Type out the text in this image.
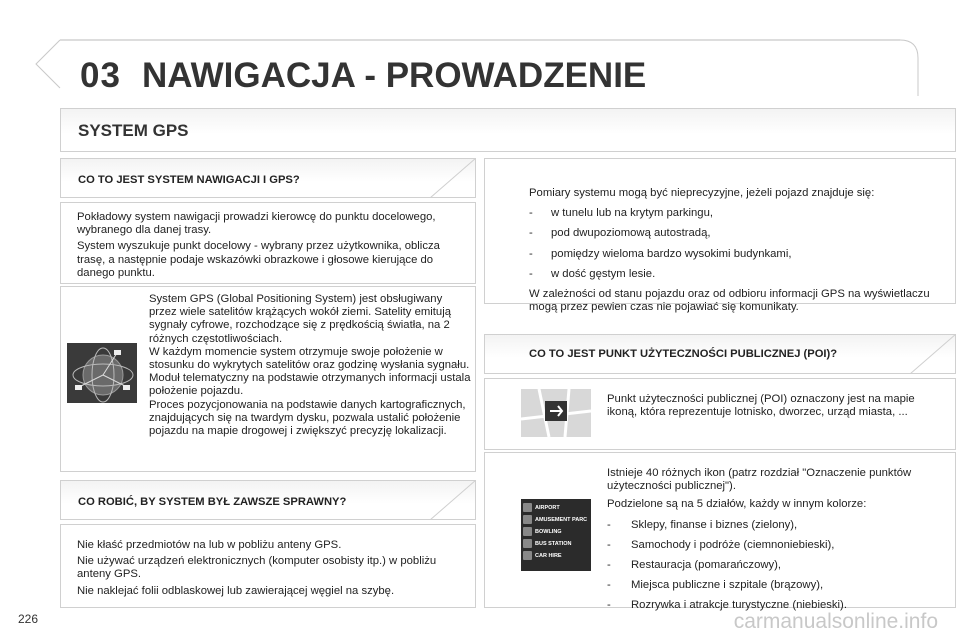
03 NAWIGACJA - PROWADZENIE
SYSTEM GPS
CO TO JEST SYSTEM NAWIGACJI I GPS?

Pokładowy system nawigacji prowadzi kierowcę do punktu docelowego, wybranego dla danej trasy.

System wyszukuje punkt docelowy - wybrany przez użytkownika, oblicza trasę, a następnie podaje wskazówki obrazkowe i głosowe kierujące do danego punktu.

System GPS (Global Positioning System) jest obsługiwany przez wiele satelitów krążących wokół ziemi. Satelity emitują sygnały cyfrowe, rozchodzące się z prędkością światła, na 2 różnych częstotliwościach.

W każdym momencie system otrzymuje swoje położenie w stosunku do wykrytych satelitów oraz godzinę wysłania sygnału.

Moduł telematyczny na podstawie otrzymanych informacji ustala położenie pojazdu.

Proces pozycjonowania na podstawie danych kartograficznych, znajdujących się na twardym dysku, pozwala ustalić położenie pojazdu na mapie drogowej i zwiększyć precyzję lokalizacji.

CO ROBIĆ, BY SYSTEM BYŁ ZAWSZE SPRAWNY?

Nie kłaść przedmiotów na lub w pobliżu anteny GPS.

Nie używać urządzeń elektronicznych (komputer osobisty itp.) w pobliżu anteny GPS.

Nie naklejać folii odblaskowej lub zawierającej węgiel na szybę.

Pomiary systemu mogą być nieprecyzyjne, jeżeli pojazd znajduje się:

- w tunelu lub na krytym parkingu,
- pod dwupoziomową autostradą,
- pomiędzy wieloma bardzo wysokimi budynkami,
- w dość gęstym lesie.

W zależności od stanu pojazdu oraz od odbioru informacji GPS na wyświetlaczu mogą przez pewien czas nie pojawiać się komunikaty.

CO TO JEST PUNKT UŻYTECZNOŚCI PUBLICZNEJ (POI)?

Punkt użyteczności publicznej (POI) oznaczony jest na mapie ikoną, która reprezentuje lotnisko, dworzec, urząd miasta, ...

AIRPORT
AMUSEMENT PARC
BOWLING
BUS STATION
CAR HIRE

Istnieje 40 różnych ikon (patrz rozdział "Oznaczenie punktów użyteczności publicznej").

Podzielone są na 5 działów, każdy w innym kolorze:

- Sklepy, finanse i biznes (zielony),
- Samochody i podróże (ciemnoniebieski),
- Restauracja (pomarańczowy),
- Miejsca publiczne i szpitale (brązowy),
- Rozrywka i atrakcje turystyczne (niebieski).
226	carmanualsonline.info
